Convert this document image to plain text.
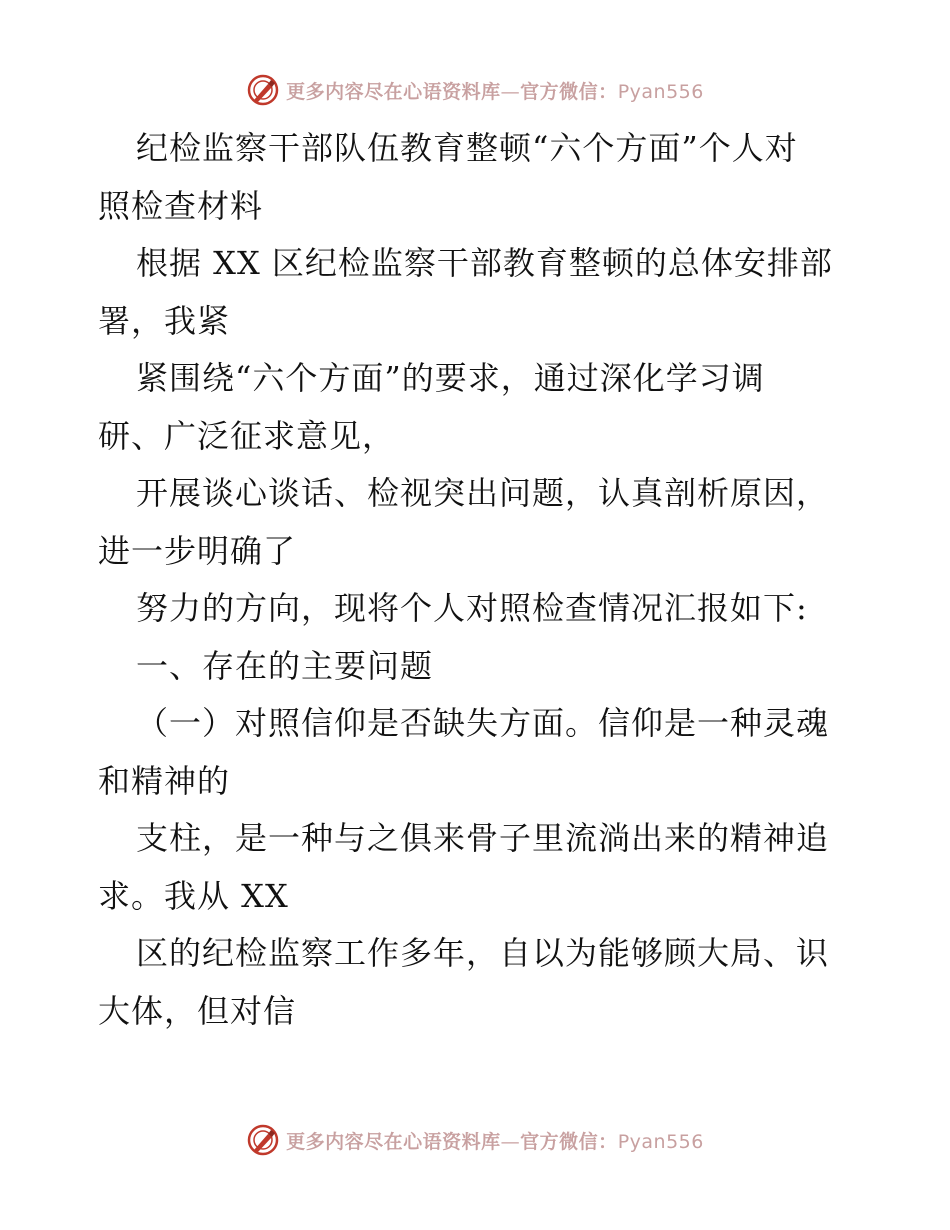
更多内容尽在心语资料库—官方微信：Pyan556
纪检监察干部队伍教育整顿“六个方面”个人对
照检查材料
根据 XX 区纪检监察干部教育整顿的总体安排部
署，我紧
紧围绕“六个方面”的要求，通过深化学习调
研、广泛征求意见，
开展谈心谈话、检视突出问题，认真剖析原因，
进一步明确了
努力的方向，现将个人对照检查情况汇报如下:
一、存在的主要问题
（一）对照信仰是否缺失方面。信仰是一种灵魂
和精神的
支柱，是一种与之俱来骨子里流淌出来的精神追
求。我从 XX
区的纪检监察工作多年，自以为能够顾大局、识
大体，但对信
更多内容尽在心语资料库—官方微信：Pyan556
